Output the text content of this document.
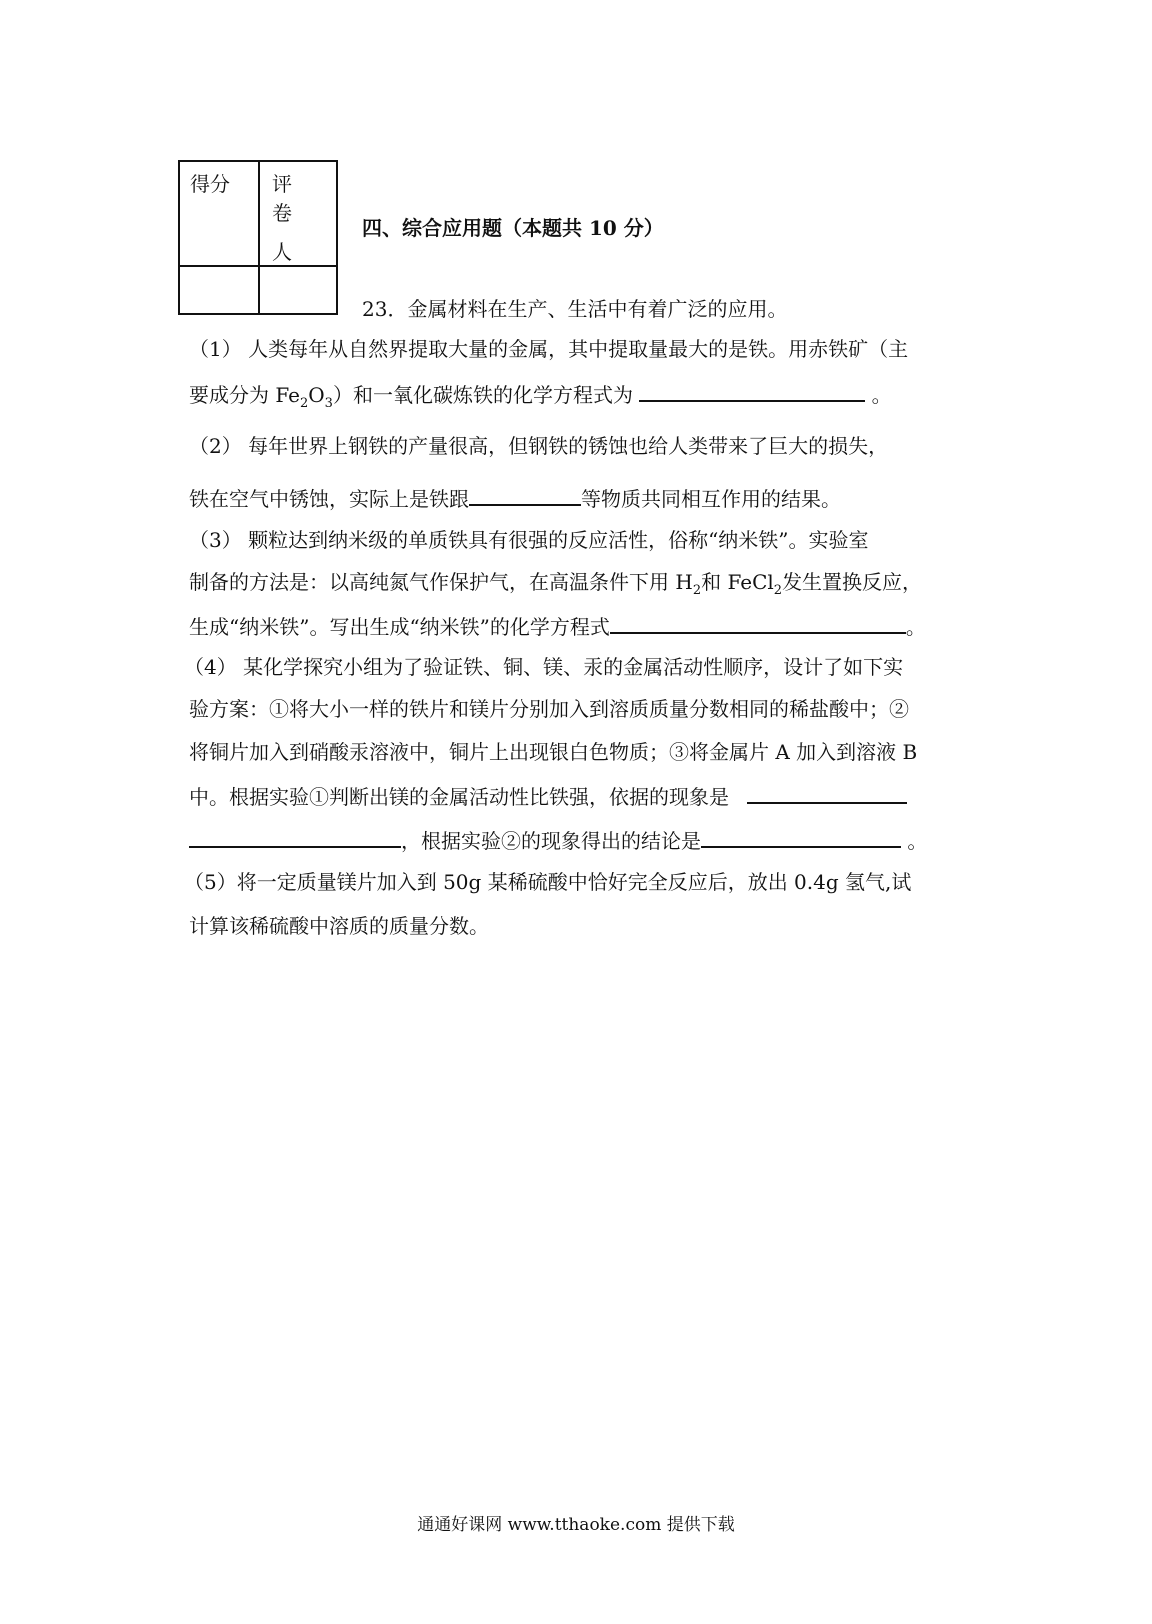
得分	评 卷
人

四、综合应用题（本题共 10 分）
23．金属材料在生产、生活中有着广泛的应用。
（1） 人类每年从自然界提取大量的金属，其中提取量最大的是铁。用赤铁矿（主
要成分为 $Fe_2O_3$）和一氧化碳炼铁的化学方程式为	。
（2） 每年世界上钢铁的产量很高，但钢铁的锈蚀也给人类带来了巨大的损失，
铁在空气中锈蚀，实际上是铁跟	等物质共同相互作用的结果。
（3） 颗粒达到纳米级的单质铁具有很强的反应活性，俗称“纳米铁”。实验室
制备的方法是：以高纯氮气作保护气，在高温条件下用 $H_2$和 FeCl$_2$发生置换反应，
生成“纳米铁”。写出生成“纳米铁”的化学方程式	。
（4） 某化学探究小组为了验证铁、铜、镁、汞的金属活动性顺序，设计了如下实
验方案：①将大小一样的铁片和镁片分别加入到溶质质量分数相同的稀盐酸中；②
将铜片加入到硝酸汞溶液中，铜片上出现银白色物质；③将金属片 A 加入到溶液 B
中。根据实验①判断出镁的金属活动性比铁强，依据的现象是
，根据实验②的现象得出的结论是	。
（5）将一定质量镁片加入到 50g 某稀硫酸中恰好完全反应后，放出 0.4g 氢气,试
计算该稀硫酸中溶质的质量分数。
通通好课网 www.tthaoke.com 提供下载
